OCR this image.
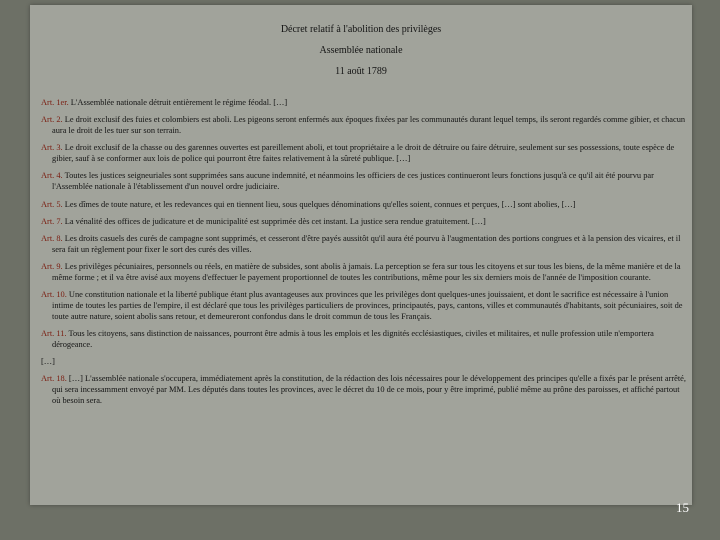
Décret relatif à l'abolition des privilèges
Assemblée nationale
11 août 1789

Art. 1er. L'Assemblée nationale détruit entièrement le régime féodal. […]

Art. 2. Le droit exclusif des fuies et colombiers est aboli. Les pigeons seront enfermés aux époques fixées par les communautés durant lequel temps, ils seront regardés comme gibier, et chacun aura le droit de les tuer sur son terrain.

Art. 3. Le droit exclusif de la chasse ou des garennes ouvertes est pareillement aboli, et tout propriétaire a le droit de détruire ou faire détruire, seulement sur ses possessions, toute espèce de gibier, sauf à se conformer aux lois de police qui pourront être faites relativement à la sûreté publique. […]

Art. 4. Toutes les justices seigneuriales sont supprimées sans aucune indemnité, et néanmoins les officiers de ces justices continueront leurs fonctions jusqu'à ce qu'il ait été pourvu par l'Assemblée nationale à l'établissement d'un nouvel ordre judiciaire.

Art. 5. Les dîmes de toute nature, et les redevances qui en tiennent lieu, sous quelques dénominations qu'elles soient, connues et perçues, […] sont abolies, […]

Art. 7. La vénalité des offices de judicature et de municipalité est supprimée dès cet instant. La justice sera rendue gratuitement. […]

Art. 8. Les droits casuels des curés de campagne sont supprimés, et cesseront d'être payés aussitôt qu'il aura été pourvu à l'augmentation des portions congrues et à la pension des vicaires, et il sera fait un règlement pour fixer le sort des curés des villes.

Art. 9. Les privilèges pécuniaires, personnels ou réels, en matière de subsides, sont abolis à jamais. La perception se fera sur tous les citoyens et sur tous les biens, de la même manière et de la même forme ; et il va être avisé aux moyens d'effectuer le payement proportionnel de toutes les contributions, même pour les six derniers mois de l'année de l'imposition courante.

Art. 10. Une constitution nationale et la liberté publique étant plus avantageuses aux provinces que les privilèges dont quelques-unes jouissaient, et dont le sacrifice est nécessaire à l'union intime de toutes les parties de l'empire, il est déclaré que tous les privilèges particuliers de provinces, principautés, pays, cantons, villes et communautés d'habitants, soit pécuniaires, soit de toute autre nature, soient abolis sans retour, et demeureront confondus dans le droit commun de tous les Français.

Art. 11. Tous les citoyens, sans distinction de naissances, pourront être admis à tous les emplois et les dignités ecclésiastiques, civiles et militaires, et nulle profession utile n'emportera dérogeance.

[…]

Art. 18. […] L'assemblée nationale s'occupera, immédiatement après la constitution, de la rédaction des lois nécessaires pour le développement des principes qu'elle a fixés par le présent arrêté, qui sera incessamment envoyé par MM. Les députés dans toutes les provinces, avec le décret du 10 de ce mois, pour y être imprimé, publié même au prône des paroisses, et affiché partout où besoin sera.

15
